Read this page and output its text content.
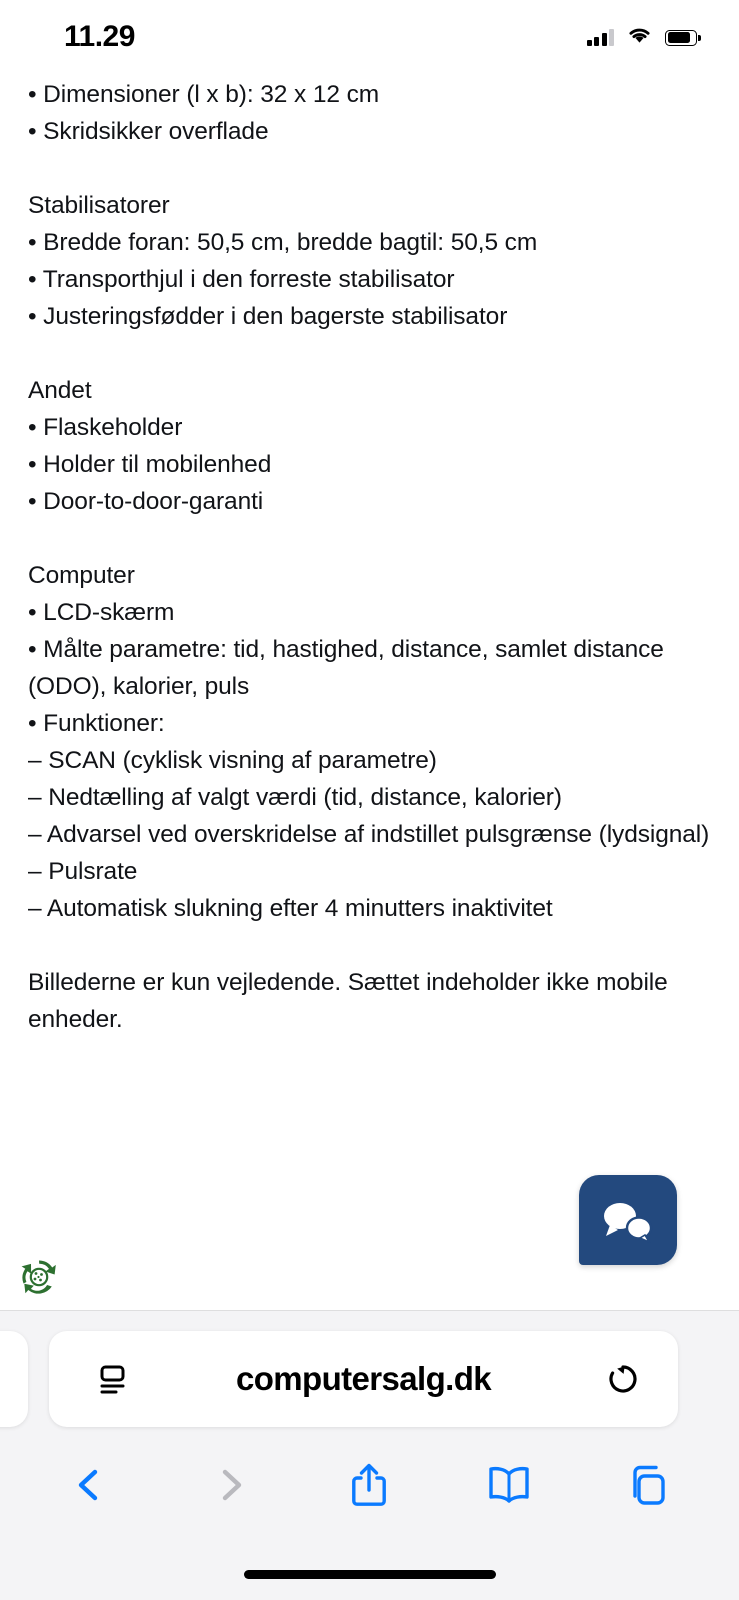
11.29
• Dimensioner (l x b): 32 x 12 cm
• Skridsikker overflade
Stabilisatorer
• Bredde foran: 50,5 cm, bredde bagtil: 50,5 cm
• Transporthjul i den forreste stabilisator
• Justeringsfødder i den bagerste stabilisator
Andet
• Flaskeholder
• Holder til mobilenhed
• Door-to-door-garanti
Computer
• LCD-skærm
• Målte parametre: tid, hastighed, distance, samlet distance
(ODO), kalorier, puls
• Funktioner:
– SCAN (cyklisk visning af parametre)
– Nedtælling af valgt værdi (tid, distance, kalorier)
– Advarsel ved overskridelse af indstillet pulsgrænse (lydsignal)
– Pulsrate
– Automatisk slukning efter 4 minutters inaktivitet
Billederne er kun vejledende. Sættet indeholder ikke mobile
enheder.
computersalg.dk
